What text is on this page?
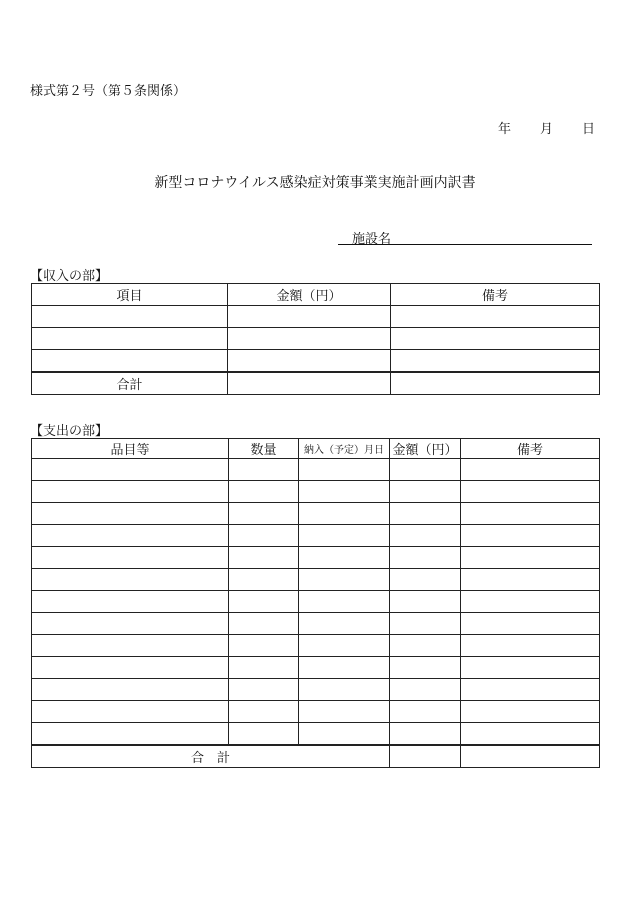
様式第２号（第５条関係）
年 月 日
新型コロナウイルス感染症対策事業実施計画内訳書
施設名
【収入の部】
項目	金額（円）	備考

合計		
【支出の部】
品目等	数量	納入（予定）月日	金額（円）	備考

合　計				
